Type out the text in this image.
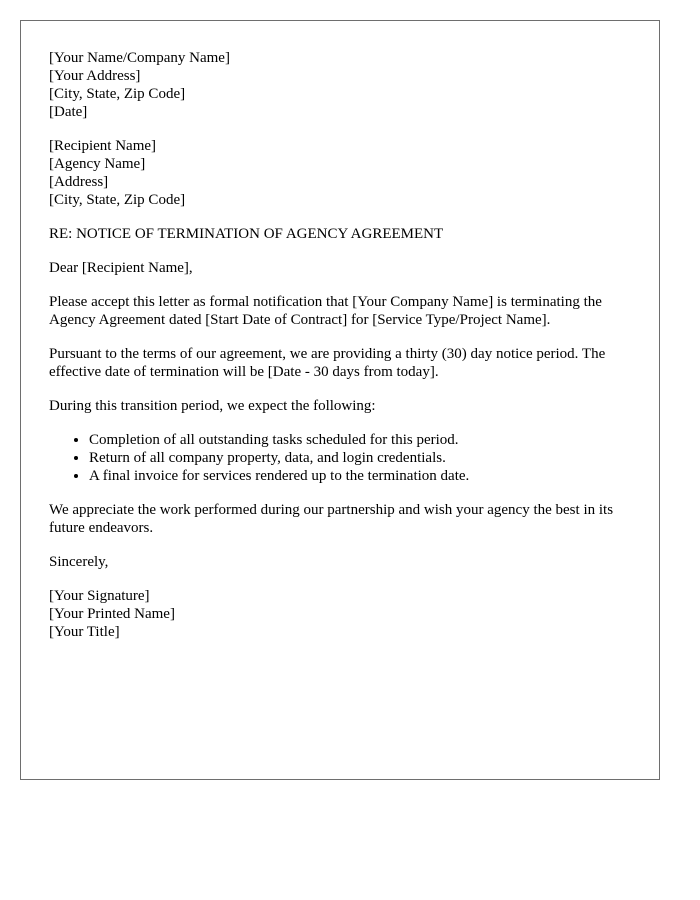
[Your Name/Company Name]
[Your Address]
[City, State, Zip Code]
[Date]
[Recipient Name]
[Agency Name]
[Address]
[City, State, Zip Code]

RE: NOTICE OF TERMINATION OF AGENCY AGREEMENT

Dear [Recipient Name],

Please accept this letter as formal notification that [Your Company Name] is terminating the Agency Agreement dated [Start Date of Contract] for [Service Type/Project Name].

Pursuant to the terms of our agreement, we are providing a thirty (30) day notice period. The effective date of termination will be [Date - 30 days from today].

During this transition period, we expect the following:

• Completion of all outstanding tasks scheduled for this period.
• Return of all company property, data, and login credentials.
• A final invoice for services rendered up to the termination date.

We appreciate the work performed during our partnership and wish your agency the best in its future endeavors.

Sincerely,

[Your Signature]
[Your Printed Name]
[Your Title]
